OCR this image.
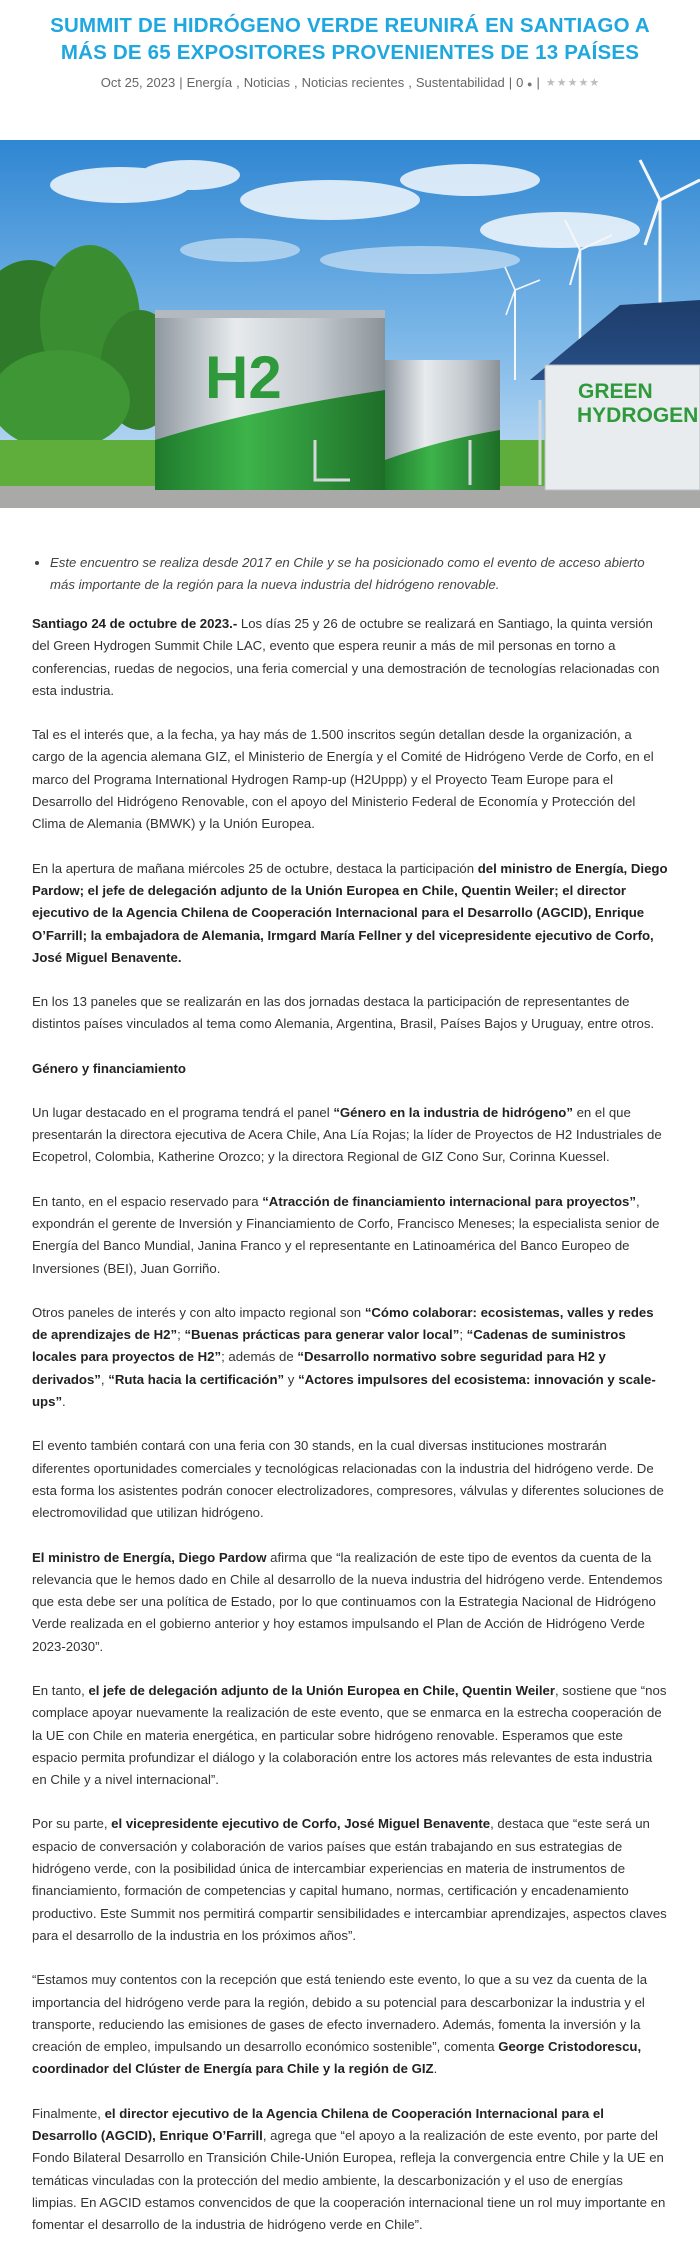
SUMMIT DE HIDRÓGENO VERDE REUNIRÁ EN SANTIAGO A MÁS DE 65 EXPOSITORES PROVENIENTES DE 13 PAÍSES
Oct 25, 2023 | Energía , Noticias , Noticias recientes , Sustentabilidad | 0 ● | ★ ★ ★ ★ ★
GREEN
HYDROGEN
H2
• Este encuentro se realiza desde 2017 en Chile y se ha posicionado como el evento de acceso abierto más importante de la región para la nueva industria del hidrógeno renovable.

Santiago 24 de octubre de 2023.- Los días 25 y 26 de octubre se realizará en Santiago, la quinta versión del Green Hydrogen Summit Chile LAC, evento que espera reunir a más de mil personas en torno a conferencias, ruedas de negocios, una feria comercial y una demostración de tecnologías relacionadas con esta industria.

Tal es el interés que, a la fecha, ya hay más de 1.500 inscritos según detallan desde la organización, a cargo de la agencia alemana GIZ, el Ministerio de Energía y el Comité de Hidrógeno Verde de Corfo, en el marco del Programa International Hydrogen Ramp-up (H2Uppp) y el Proyecto Team Europe para el Desarrollo del Hidrógeno Renovable, con el apoyo del Ministerio Federal de Economía y Protección del Clima de Alemania (BMWK) y la Unión Europea.

En la apertura de mañana miércoles 25 de octubre, destaca la participación del ministro de Energía, Diego Pardow; el jefe de delegación adjunto de la Unión Europea en Chile, Quentin Weiler; el director ejecutivo de la Agencia Chilena de Cooperación Internacional para el Desarrollo (AGCID), Enrique O’Farrill; la embajadora de Alemania, Irmgard María Fellner y del vicepresidente ejecutivo de Corfo, José Miguel Benavente.

En los 13 paneles que se realizarán en las dos jornadas destaca la participación de representantes de distintos países vinculados al tema como Alemania, Argentina, Brasil, Países Bajos y Uruguay, entre otros.

Género y financiamiento

Un lugar destacado en el programa tendrá el panel “Género en la industria de hidrógeno” en el que presentarán la directora ejecutiva de Acera Chile, Ana Lía Rojas; la líder de Proyectos de H2 Industriales de Ecopetrol, Colombia, Katherine Orozco; y la directora Regional de GIZ Cono Sur, Corinna Kuessel.

En tanto, en el espacio reservado para “Atracción de financiamiento internacional para proyectos”, expondrán el gerente de Inversión y Financiamiento de Corfo, Francisco Meneses; la especialista senior de Energía del Banco Mundial, Janina Franco y el representante en Latinoamérica del Banco Europeo de Inversiones (BEI), Juan Gorriño.

Otros paneles de interés y con alto impacto regional son “Cómo colaborar: ecosistemas, valles y redes de aprendizajes de H2”; “Buenas prácticas para generar valor local”; “Cadenas de suministros locales para proyectos de H2”; además de “Desarrollo normativo sobre seguridad para H2 y derivados”, “Ruta hacia la certificación” y “Actores impulsores del ecosistema: innovación y scale-ups”.

El evento también contará con una feria con 30 stands, en la cual diversas instituciones mostrarán diferentes oportunidades comerciales y tecnológicas relacionadas con la industria del hidrógeno verde. De esta forma los asistentes podrán conocer electrolizadores, compresores, válvulas y diferentes soluciones de electromovilidad que utilizan hidrógeno.

El ministro de Energía, Diego Pardow afirma que “la realización de este tipo de eventos da cuenta de la relevancia que le hemos dado en Chile al desarrollo de la nueva industria del hidrógeno verde. Entendemos que esta debe ser una política de Estado, por lo que continuamos con la Estrategia Nacional de Hidrógeno Verde realizada en el gobierno anterior y hoy estamos impulsando el Plan de Acción de Hidrógeno Verde 2023-2030”.

En tanto, el jefe de delegación adjunto de la Unión Europea en Chile, Quentin Weiler, sostiene que “nos complace apoyar nuevamente la realización de este evento, que se enmarca en la estrecha cooperación de la UE con Chile en materia energética, en particular sobre hidrógeno renovable. Esperamos que este espacio permita profundizar el diálogo y la colaboración entre los actores más relevantes de esta industria en Chile y a nivel internacional”.

Por su parte, el vicepresidente ejecutivo de Corfo, José Miguel Benavente, destaca que “este será un espacio de conversación y colaboración de varios países que están trabajando en sus estrategias de hidrógeno verde, con la posibilidad única de intercambiar experiencias en materia de instrumentos de financiamiento, formación de competencias y capital humano, normas, certificación y encadenamiento productivo. Este Summit nos permitirá compartir sensibilidades e intercambiar aprendizajes, aspectos claves para el desarrollo de la industria en los próximos años”.

“Estamos muy contentos con la recepción que está teniendo este evento, lo que a su vez da cuenta de la importancia del hidrógeno verde para la región, debido a su potencial para descarbonizar la industria y el transporte, reduciendo las emisiones de gases de efecto invernadero. Además, fomenta la inversión y la creación de empleo, impulsando un desarrollo económico sostenible”, comenta George Cristodorescu, coordinador del Clúster de Energía para Chile y la región de GIZ.

Finalmente, el director ejecutivo de la Agencia Chilena de Cooperación Internacional para el Desarrollo (AGCID), Enrique O’Farrill, agrega que “el apoyo a la realización de este evento, por parte del Fondo Bilateral Desarrollo en Transición Chile-Unión Europea, refleja la convergencia entre Chile y la UE en temáticas vinculadas con la protección del medio ambiente, la descarbonización y el uso de energías limpias. En AGCID estamos convencidos de que la cooperación internacional tiene un rol muy importante en fomentar el desarrollo de la industria de hidrógeno verde en Chile”.
